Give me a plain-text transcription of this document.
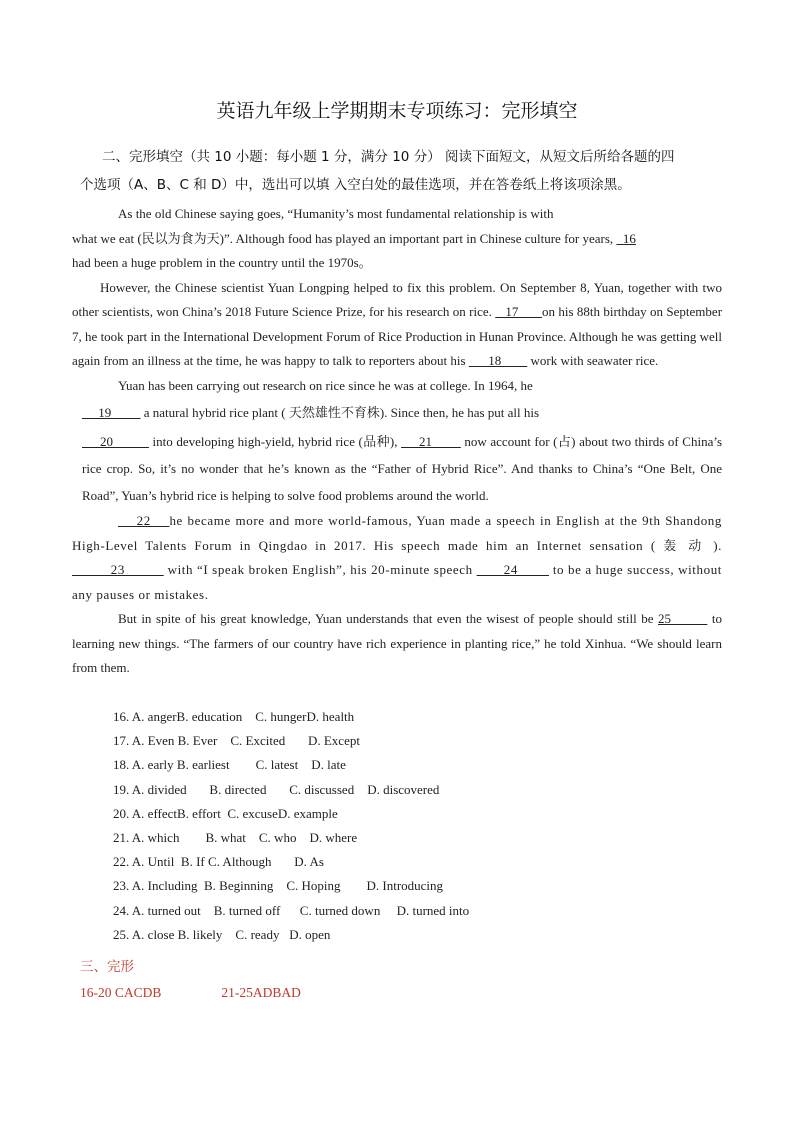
英语九年级上学期期末专项练习：完形填空
二、完形填空（共 10 小题：每小题 1 分，满分 10 分） 阅读下面短文，从短文后所给各题的四
个选项（A、B、C 和 D）中，选出可以填 入空白处的最佳选项，并在答卷纸上将该项涂黑。

As the old Chinese saying goes, “Humanity’s most fundamental relationship is with

what we eat (民以为食为天)”. Although food has played an important part in Chinese culture for years,   16

had been a huge problem in the country until the 1970s。

However, the Chinese scientist Yuan Longping helped to fix this problem. On September 8, Yuan, together with two other scientists, won China’s 2018 Future Science Prize, for his research on rice.    17       on his 88th birthday on September 7, he took part in the International Development Forum of Rice Production in Hunan Province. Although he was getting well again from an illness at the time, he was happy to talk to reporters about his       18         work with seawater rice.

Yuan has been carrying out research on rice since he was at college. In 1964, he

19          a natural hybrid rice plant ( 天然雄性不育株). Since then, he has put all his

20           into developing high-yield, hybrid rice (品种),      21         now account for (占) about two thirds of China’s rice crop. So, it’s no wonder that he’s known as the “Father of Hybrid Rice”. And thanks to China’s “One Belt, One Road”, Yuan’s hybrid rice is helping to solve food problems around the world.

22    he became more and more world-famous, Yuan made a speech in English at the 9th Shandong High-Level Talents Forum in Qingdao in 2017. His speech made him an Internet sensation ( 轰 动 ).           23           with “I speak broken English”, his 20-minute speech        24         to be a huge success, without any pauses or mistakes.

But in spite of his great knowledge, Yuan understands that even the wisest of people should still be 25         to learning new things. “The farmers of our country have rich experience in planting rice,” he told Xinhua. “We should learn from them.

16. A. angerB. education    C. hungerD. health
17. A. Even B. Ever    C. Excited       D. Except
18. A. early B. earliest        C. latest    D. late
19. A. divided       B. directed       C. discussed    D. discovered
20. A. effectB. effort  C. excuseD. example
21. A. which        B. what    C. who    D. where
22. A. Until  B. If C. Although       D. As
23. A. Including  B. Beginning    C. Hoping        D. Introducing
24. A. turned out    B. turned off      C. turned down     D. turned into
25. A. close B. likely    C. ready   D. open
三、完形
16-20 CACDB	21-25ADBAD
